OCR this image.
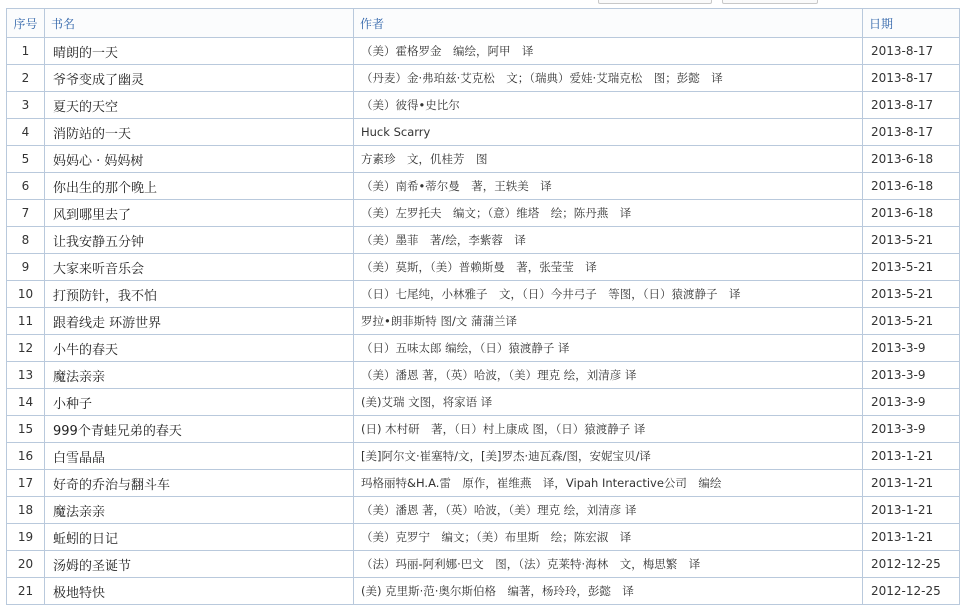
序号	书名	作者	日期
1	晴朗的一天	（美）霍格罗金　编绘，阿甲　译	2013-8-17
2	爷爷变成了幽灵	（丹麦）金·弗珀兹·艾克松　文；（瑞典）爱娃·艾瑞克松　图；彭懿　译	2013-8-17
3	夏天的天空	（美）彼得•史比尔	2013-8-17
4	消防站的一天	Huck Scarry	2013-8-17
5	妈妈心 · 妈妈树	方素珍　文，仉桂芳　图	2013-6-18
6	你出生的那个晚上	（美）南希•蒂尔曼　著，王轶美　译	2013-6-18
7	风到哪里去了	（美）左罗托夫　编文；（意）维塔　绘；陈丹燕　译	2013-6-18
8	让我安静五分钟	（美）墨菲　著/绘，李紫蓉　译	2013-5-21
9	大家来听音乐会	（美）莫斯，（美）普赖斯曼　著，张莹莹　译	2013-5-21
10	打预防针，我不怕	（日）七尾纯，小林雅子　文，（日）今井弓子　等图，（日）猿渡静子　译	2013-5-21
11	跟着线走 环游世界	罗拉•朗菲斯特 图/文 蒲蒲兰译	2013-5-21
12	小牛的春天	（日）五味太郎 编绘，（日）猿渡静子 译	2013-3-9
13	魔法亲亲	（美）潘恩 著，（英）哈波，（美）理克 绘，刘清彦 译	2013-3-9
14	小种子	(美)艾瑞 文图，将家语 译	2013-3-9
15	999个青蛙兄弟的春天	(日) 木村研　著，（日）村上康成 图，（日）猿渡静子 译	2013-3-9
16	白雪晶晶	[美]阿尔文·崔塞特/文，[美]罗杰·迪瓦森/图，安妮宝贝/译	2013-1-21
17	好奇的乔治与翻斗车	玛格丽特&H.A.雷　原作，崔维燕　译，Vipah Interactive公司　编绘	2013-1-21
18	魔法亲亲	（美）潘恩 著，（英）哈波，（美）理克 绘，刘清彦 译	2013-1-21
19	蚯蚓的日记	（美）克罗宁　编文；（美）布里斯　绘；陈宏淑　译	2013-1-21
20	汤姆的圣诞节	（法）玛丽-阿利娜·巴文　图，（法）克莱特·海林　文，梅思繁　译	2012-12-25
21	极地特快	(美) 克里斯·范·奥尔斯伯格　编著，杨玲玲，彭懿　译	2012-12-25
